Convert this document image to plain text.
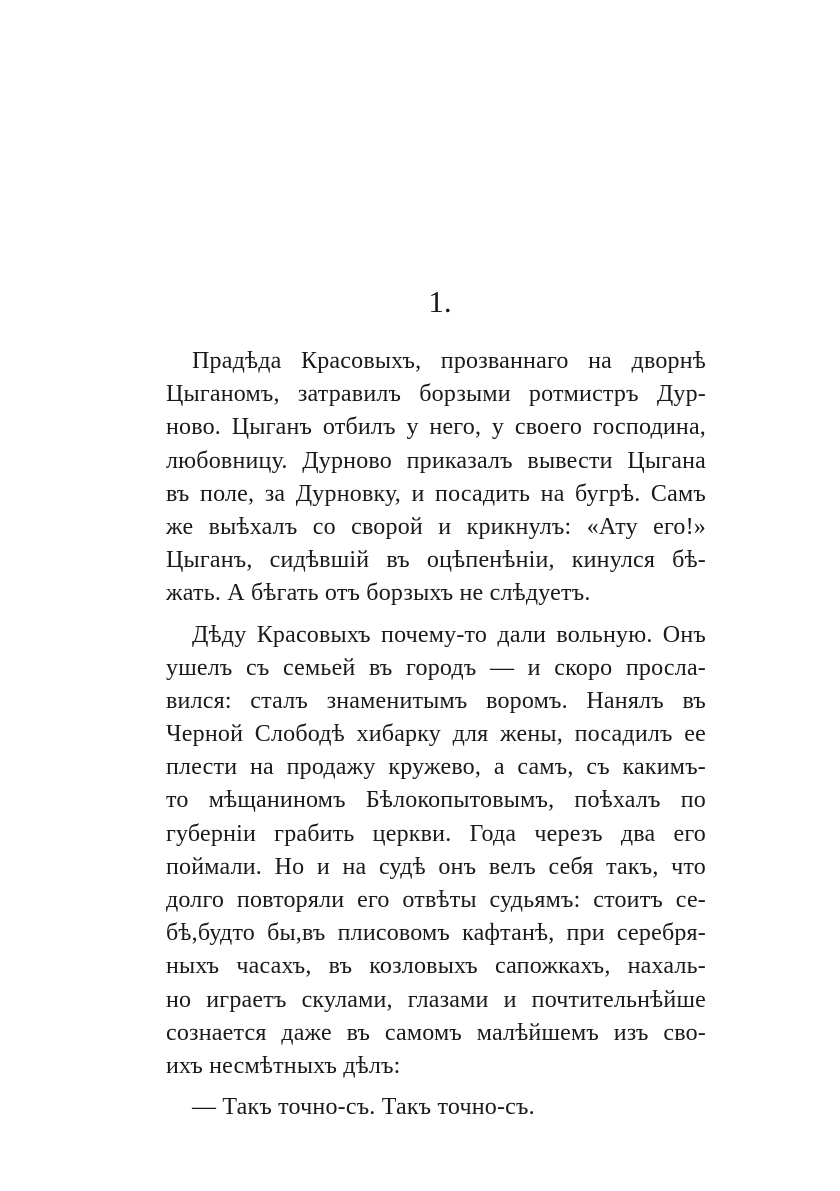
1.
Прадѣда Красовыхъ, прозваннаго на дворнѣ
Цыганомъ, затравилъ борзыми ротмистръ Дур-
ново. Цыганъ отбилъ у него, у своего господина,
любовницу. Дурново приказалъ вывести Цыгана
въ поле, за Дурновку, и посадить на бугрѣ. Самъ
же выѣхалъ со сворой и крикнулъ: «Ату его!»
Цыганъ, сидѣвшій въ оцѣпенѣніи, кинулся бѣ-
жать. А бѣгать отъ борзыхъ не слѣдуетъ.
Дѣду Красовыхъ почему-то дали вольную. Онъ
ушелъ съ семьей въ городъ — и скоро просла-
вился: сталъ знаменитымъ воромъ. Нанялъ въ
Черной Слободѣ хибарку для жены, посадилъ ее
плести на продажу кружево, а самъ, съ какимъ-
то мѣщаниномъ Бѣлокопытовымъ, поѣхалъ по
губерніи грабить церкви. Года черезъ два его
поймали. Но и на судѣ онъ велъ себя такъ, что
долго повторяли его отвѣты судьямъ: стоитъ се-
бѣ,будто бы,въ плисовомъ кафтанѣ, при серебря-
ныхъ часахъ, въ козловыхъ сапожкахъ, нахаль-
но играетъ скулами, глазами и почтительнѣйше
сознается даже въ самомъ малѣйшемъ изъ сво-
ихъ несмѣтныхъ дѣлъ:
— Такъ точно-съ. Такъ точно-съ.
